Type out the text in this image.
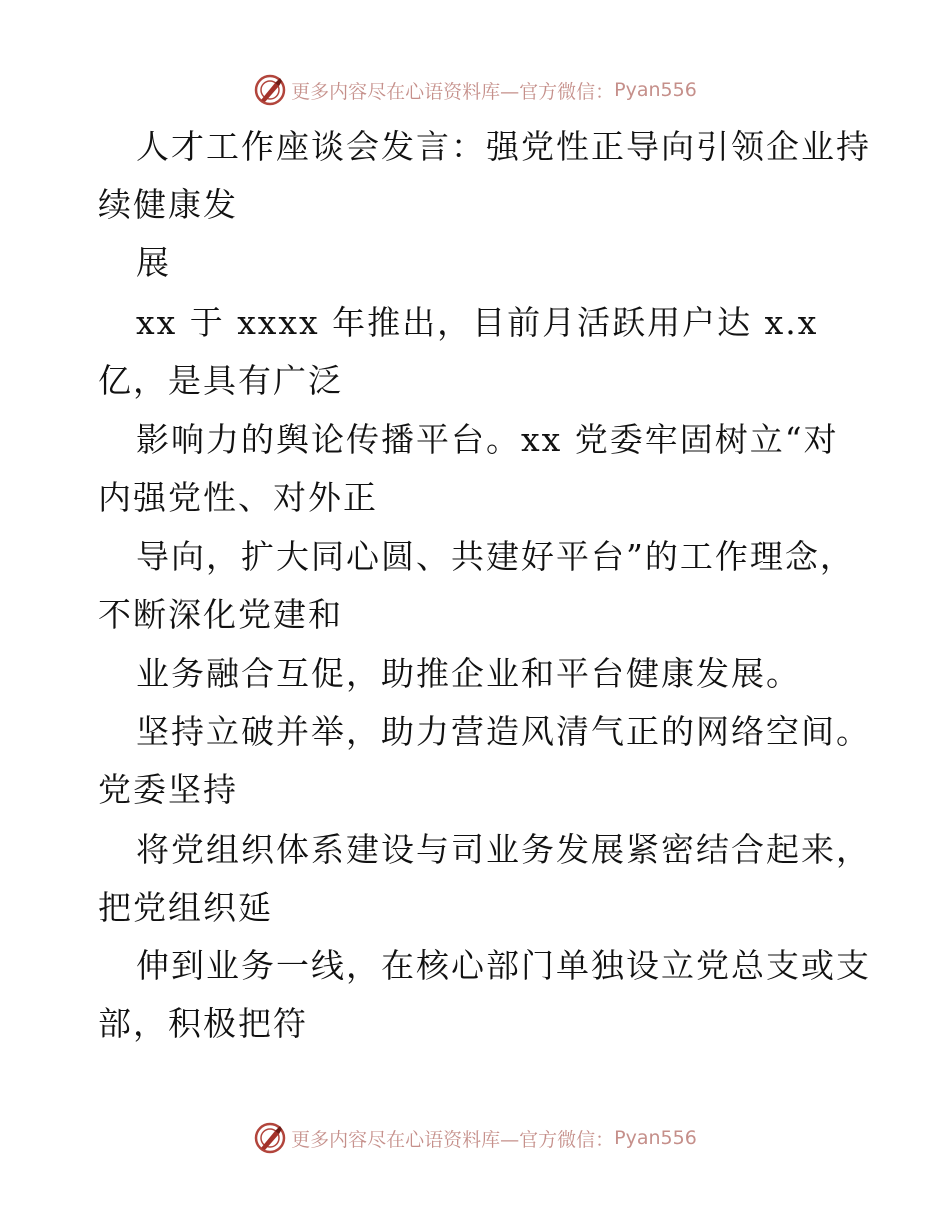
更多内容尽在心语资料库—官方微信： Pyan556
人才工作座谈会发言：强党性正导向引领企业持
续健康发
展
xx 于 xxxx 年推出，目前月活跃用户达 x.x
亿，是具有广泛
影响力的舆论传播平台。xx 党委牢固树立“对
内强党性、对外正
导向，扩大同心圆、共建好平台”的工作理念，
不断深化党建和
业务融合互促，助推企业和平台健康发展。
坚持立破并举，助力营造风清气正的网络空间。
党委坚持
将党组织体系建设与司业务发展紧密结合起来，
把党组织延
伸到业务一线，在核心部门单独设立党总支或支
部，积极把符
更多内容尽在心语资料库—官方微信： Pyan556
